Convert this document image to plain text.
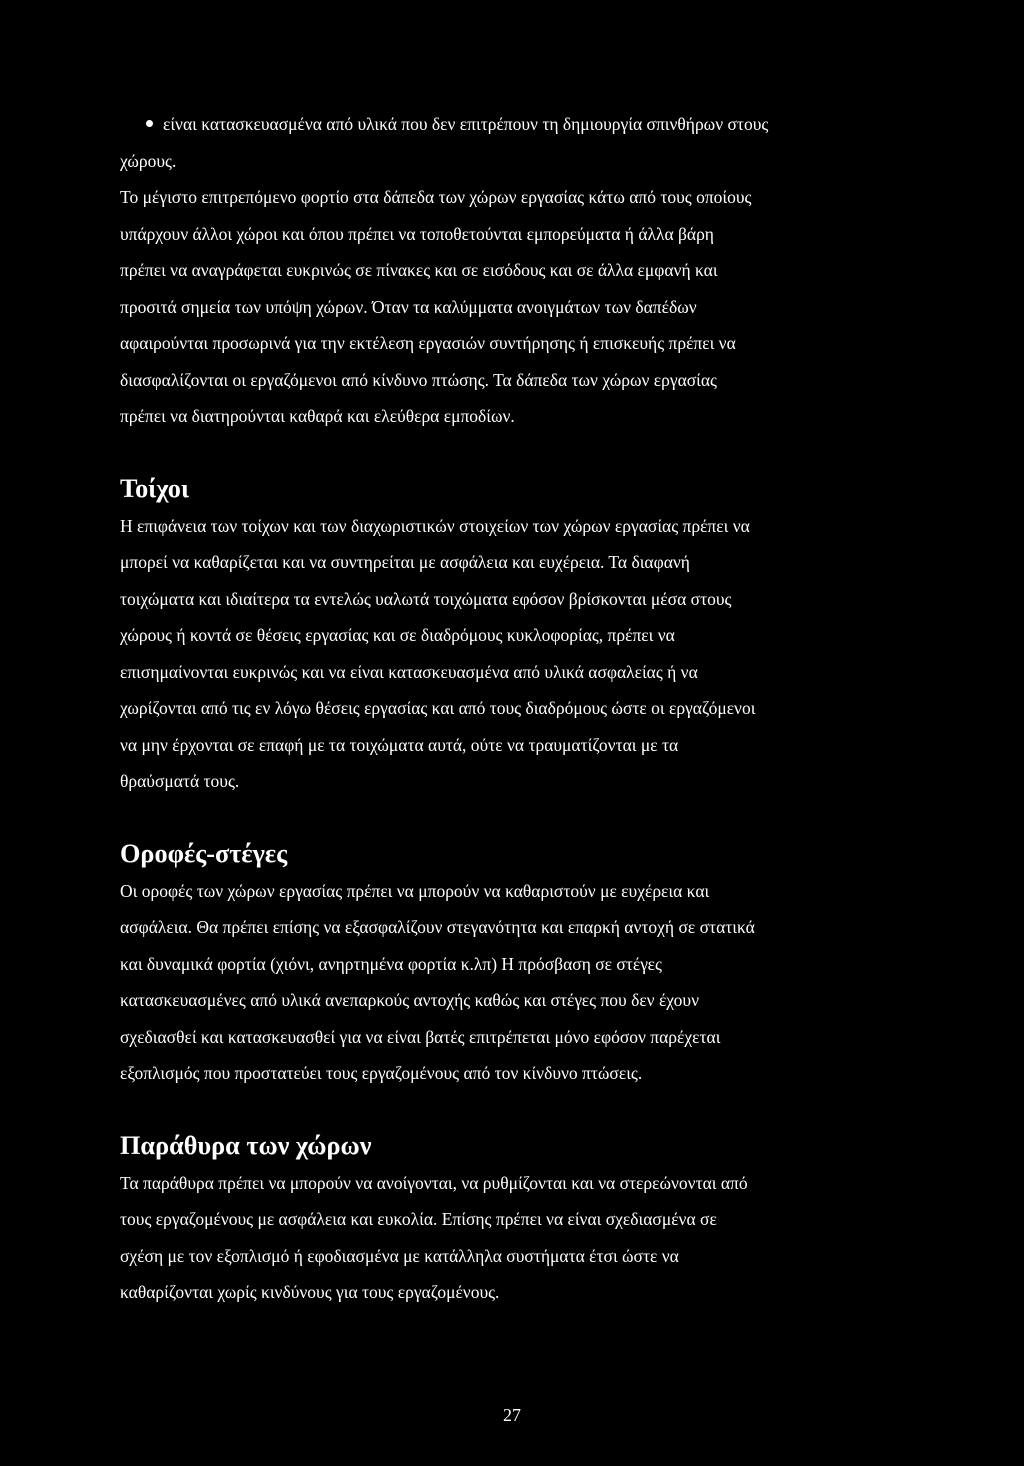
είναι κατασκευασμένα από υλικά που δεν επιτρέπουν τη δημιουργία σπινθήρων στους

χώρους.

Το μέγιστο επιτρεπόμενο φορτίο στα δάπεδα των χώρων εργασίας κάτω από τους οποίους

υπάρχουν άλλοι χώροι και όπου πρέπει να τοποθετούνται εμπορεύματα ή άλλα βάρη

πρέπει να αναγράφεται ευκρινώς σε πίνακες και σε εισόδους και σε άλλα εμφανή και

προσιτά σημεία των υπόψη χώρων. Όταν τα καλύμματα ανοιγμάτων των δαπέδων

αφαιρούνται προσωρινά για την εκτέλεση εργασιών συντήρησης ή επισκευής πρέπει να

διασφαλίζονται οι εργαζόμενοι από κίνδυνο πτώσης. Τα δάπεδα των χώρων εργασίας

πρέπει να διατηρούνται καθαρά και ελεύθερα εμποδίων.

Τοίχοι

Η επιφάνεια των τοίχων και των διαχωριστικών στοιχείων των χώρων εργασίας πρέπει να

μπορεί να καθαρίζεται και να συντηρείται με ασφάλεια και ευχέρεια. Τα διαφανή

τοιχώματα και ιδιαίτερα τα εντελώς υαλωτά τοιχώματα εφόσον βρίσκονται μέσα στους

χώρους ή κοντά σε θέσεις εργασίας και σε διαδρόμους κυκλοφορίας, πρέπει να

επισημαίνονται ευκρινώς και να είναι κατασκευασμένα από υλικά ασφαλείας ή να

χωρίζονται από τις εν λόγω θέσεις εργασίας και από τους διαδρόμους ώστε οι εργαζόμενοι

να μην έρχονται σε επαφή με τα τοιχώματα αυτά, ούτε να τραυματίζονται με τα

θραύσματά τους.

Οροφές-στέγες

Οι οροφές των χώρων εργασίας πρέπει να μπορούν να καθαριστούν με ευχέρεια και

ασφάλεια. Θα πρέπει επίσης να εξασφαλίζουν στεγανότητα και επαρκή αντοχή σε στατικά

και δυναμικά φορτία (χιόνι, ανηρτημένα φορτία κ.λπ) Η πρόσβαση σε στέγες

κατασκευασμένες από υλικά ανεπαρκούς αντοχής καθώς και στέγες που δεν έχουν

σχεδιασθεί και κατασκευασθεί για να είναι βατές επιτρέπεται μόνο εφόσον παρέχεται

εξοπλισμός που προστατεύει τους εργαζομένους από τον κίνδυνο πτώσεις.

Παράθυρα των χώρων

Τα παράθυρα πρέπει να μπορούν να ανοίγονται, να ρυθμίζονται και να στερεώνονται από

τους εργαζομένους με ασφάλεια και ευκολία. Επίσης πρέπει να είναι σχεδιασμένα σε

σχέση με τον εξοπλισμό ή εφοδιασμένα με κατάλληλα συστήματα έτσι ώστε να

καθαρίζονται χωρίς κινδύνους για τους εργαζομένους.

27
